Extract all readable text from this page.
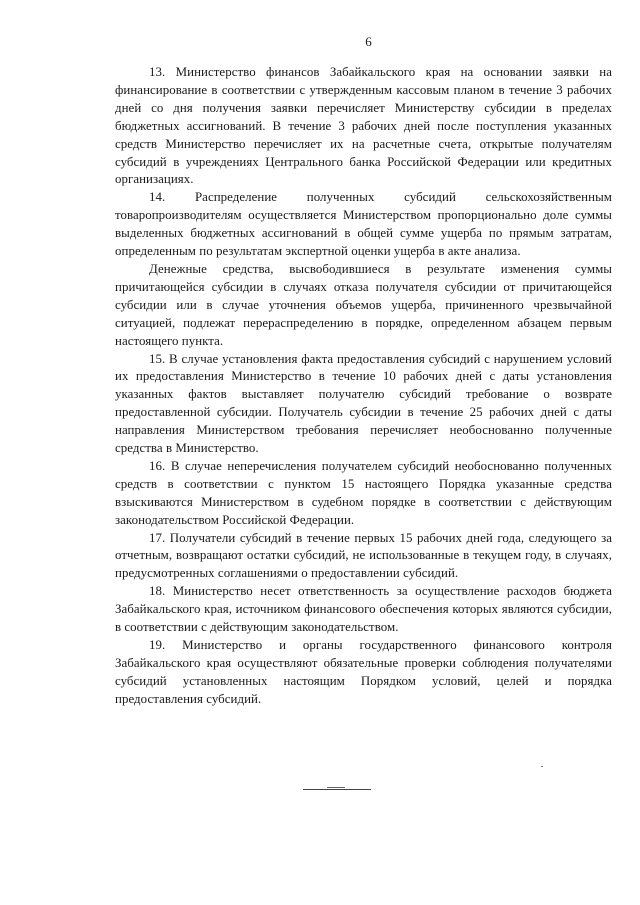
6

13. Министерство финансов Забайкальского края на основании заявки на финансирование в соответствии с утвержденным кассовым планом в течение 3 рабочих дней со дня получения заявки перечисляет Министерству субсидии в пределах бюджетных ассигнований. В течение 3 рабочих дней после поступления указанных средств Министерство перечисляет их на расчетные счета, открытые получателям субсидий в учреждениях Центрального банка Российской Федерации или кредитных организациях.

14. Распределение полученных субсидий сельскохозяйственным товаропроизводителям осуществляется Министерством пропорционально доле суммы выделенных бюджетных ассигнований в общей сумме ущерба по прямым затратам, определенным по результатам экспертной оценки ущерба в акте анализа.

Денежные средства, высвободившиеся в результате изменения суммы причитающейся субсидии в случаях отказа получателя субсидии от причитающейся субсидии или в случае уточнения объемов ущерба, причиненного чрезвычайной ситуацией, подлежат перераспределению в порядке, определенном абзацем первым настоящего пункта.

15. В случае установления факта предоставления субсидий с нарушением условий их предоставления Министерство в течение 10 рабочих дней с даты установления указанных фактов выставляет получателю субсидий требование о возврате предоставленной субсидии. Получатель субсидии в течение 25 рабочих дней с даты направления Министерством требования перечисляет необоснованно полученные средства в Министерство.

16. В случае неперечисления получателем субсидий необоснованно полученных средств в соответствии с пунктом 15 настоящего Порядка указанные средства взыскиваются Министерством в судебном порядке в соответствии с действующим законодательством Российской Федерации.

17. Получатели субсидий в течение первых 15 рабочих дней года, следующего за отчетным, возвращают остатки субсидий, не использованные в текущем году, в случаях, предусмотренных соглашениями о предоставлении субсидий.

18. Министерство несет ответственность за осуществление расходов бюджета Забайкальского края, источником финансового обеспечения которых являются субсидии, в соответствии с действующим законодательством.

19. Министерство и органы государственного финансового контроля Забайкальского края осуществляют обязательные проверки соблюдения получателями субсидий установленных настоящим Порядком условий, целей и порядка предоставления субсидий.
